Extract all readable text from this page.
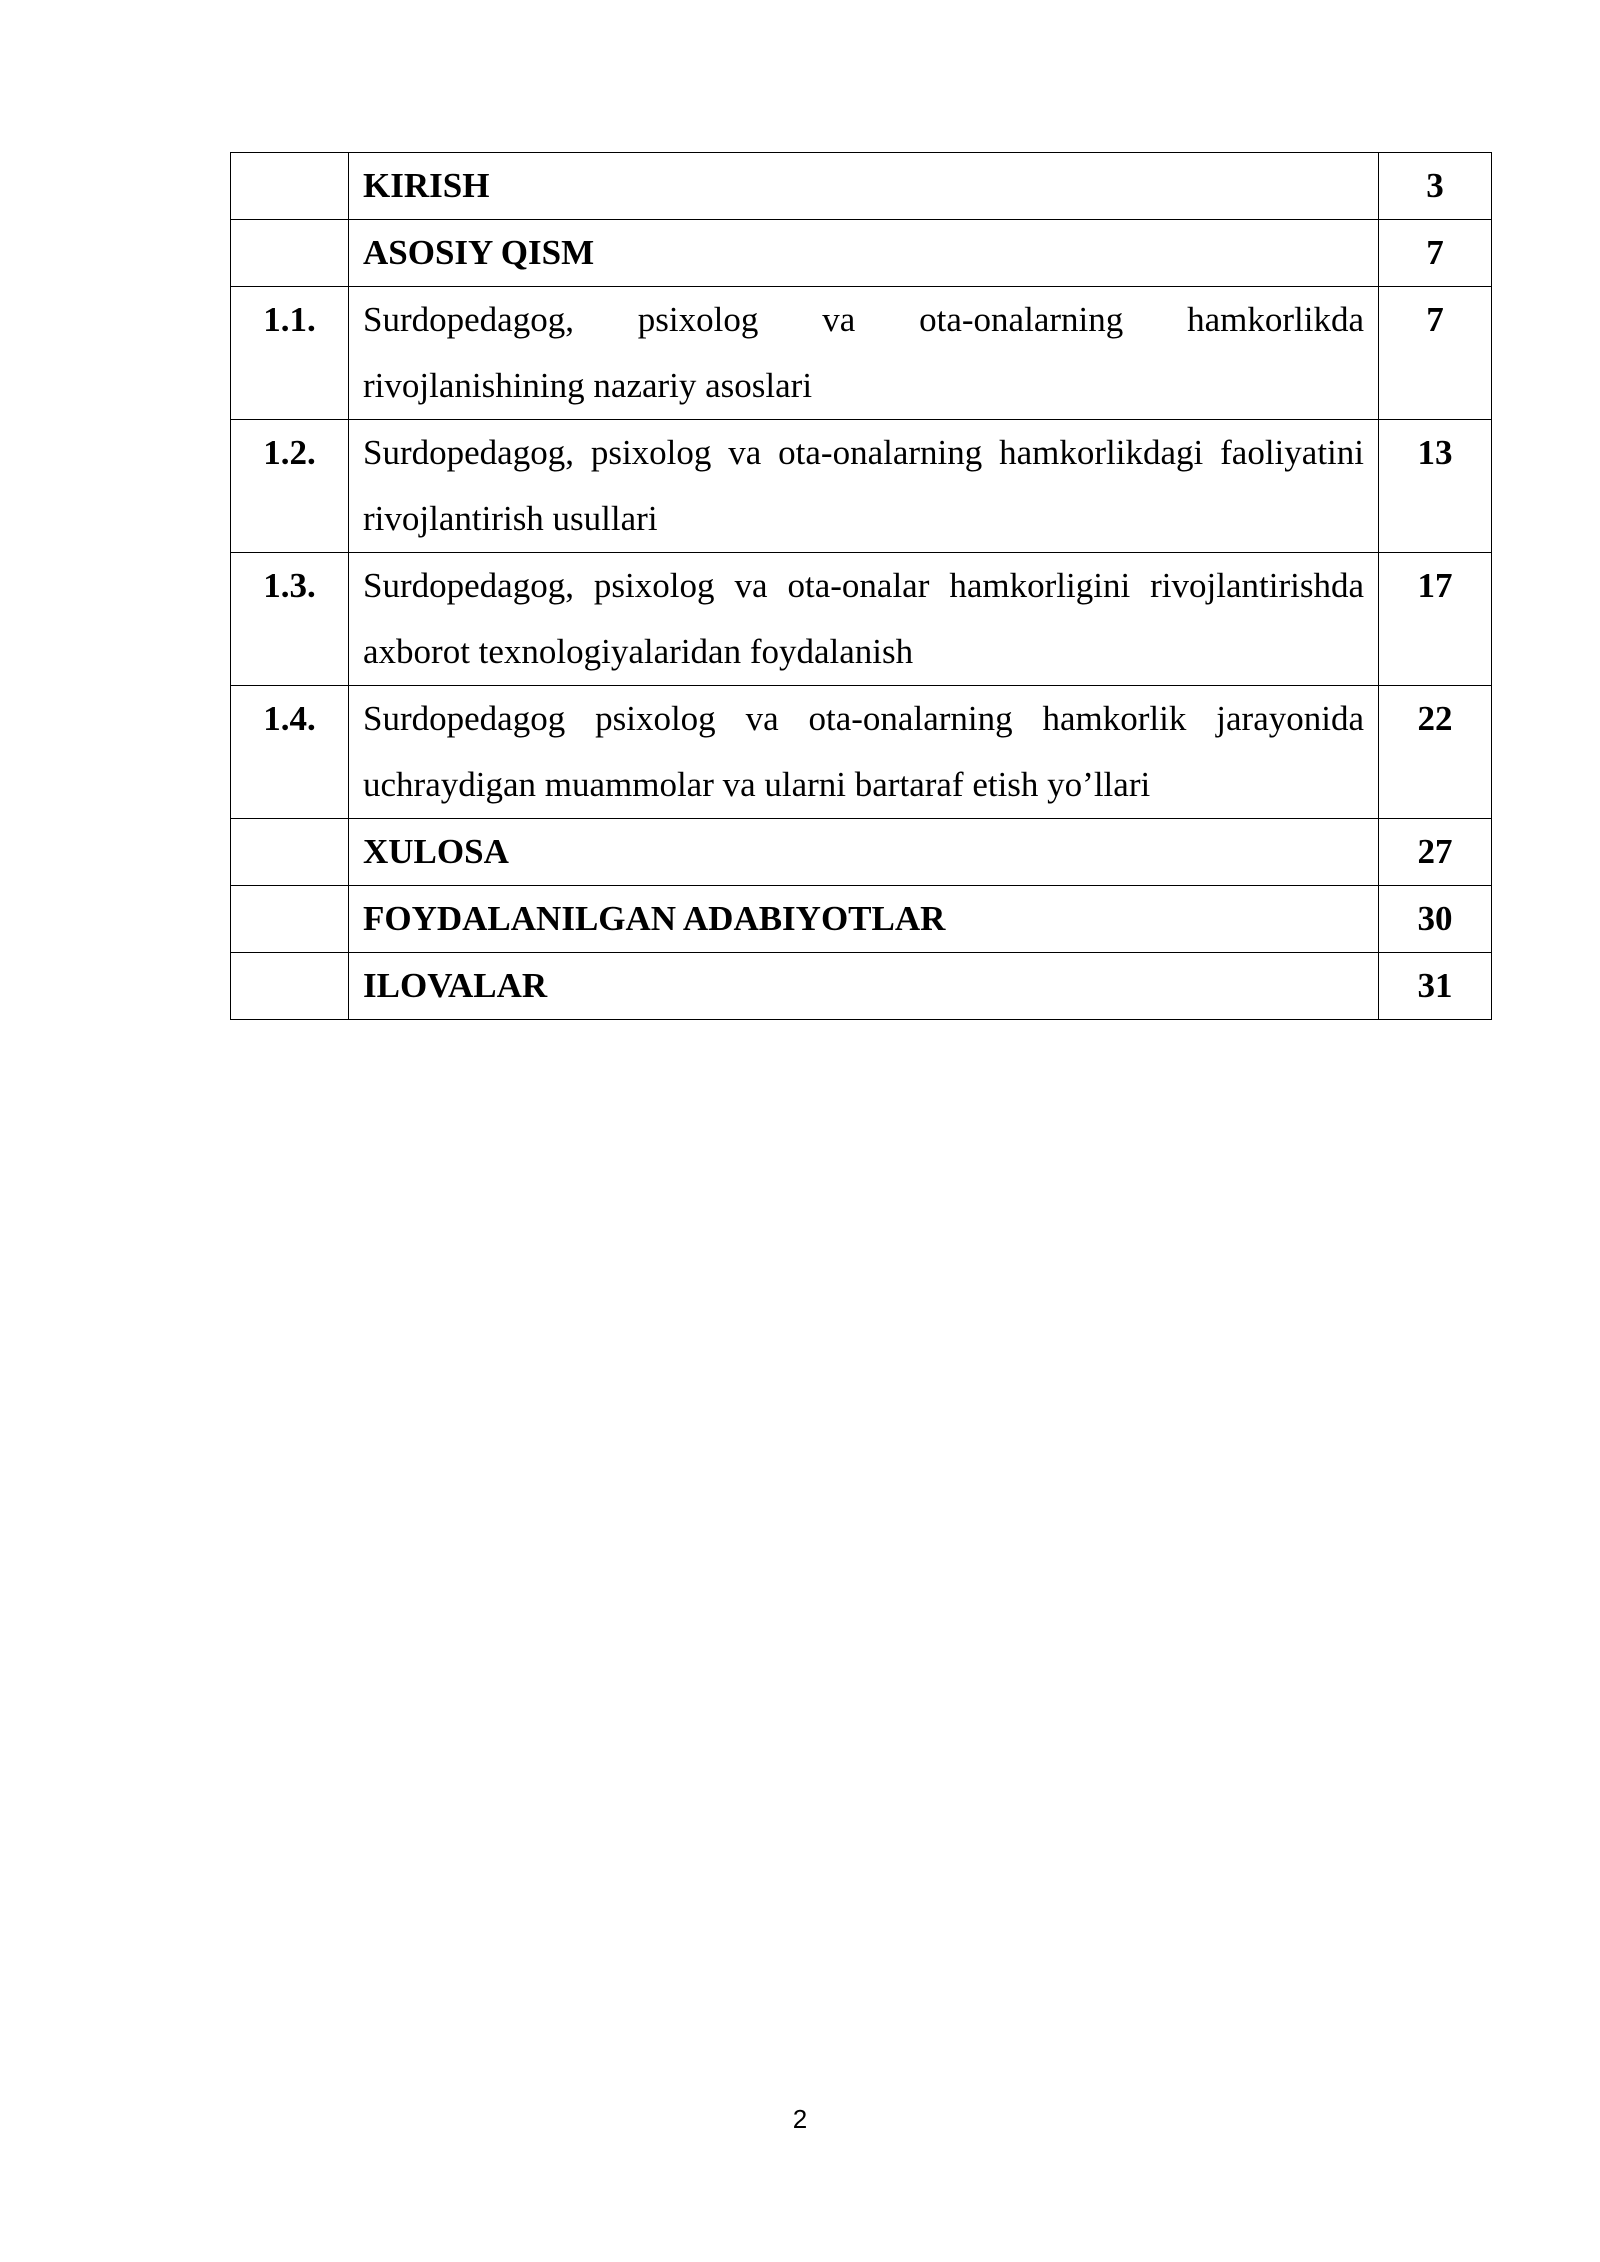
	KIRISH	3
	ASOSIY QISM	7
1.1.	Surdopedagog, psixolog va ota-onalarning hamkorlikda rivojlanishining nazariy asoslari	7
1.2.	Surdopedagog, psixolog va ota-onalarning hamkorlikdagi faoliyatini rivojlantirish usullari	13
1.3.	Surdopedagog, psixolog va ota-onalar hamkorligini rivojlantirishda axborot texnologiyalaridan foydalanish	17
1.4.	Surdopedagog psixolog va ota-onalarning hamkorlik jarayonida uchraydigan muammolar va ularni bartaraf etish yo’llari	22
	XULOSA	27
	FOYDALANILGAN ADABIYOTLAR	30
	ILOVALAR	31
2
